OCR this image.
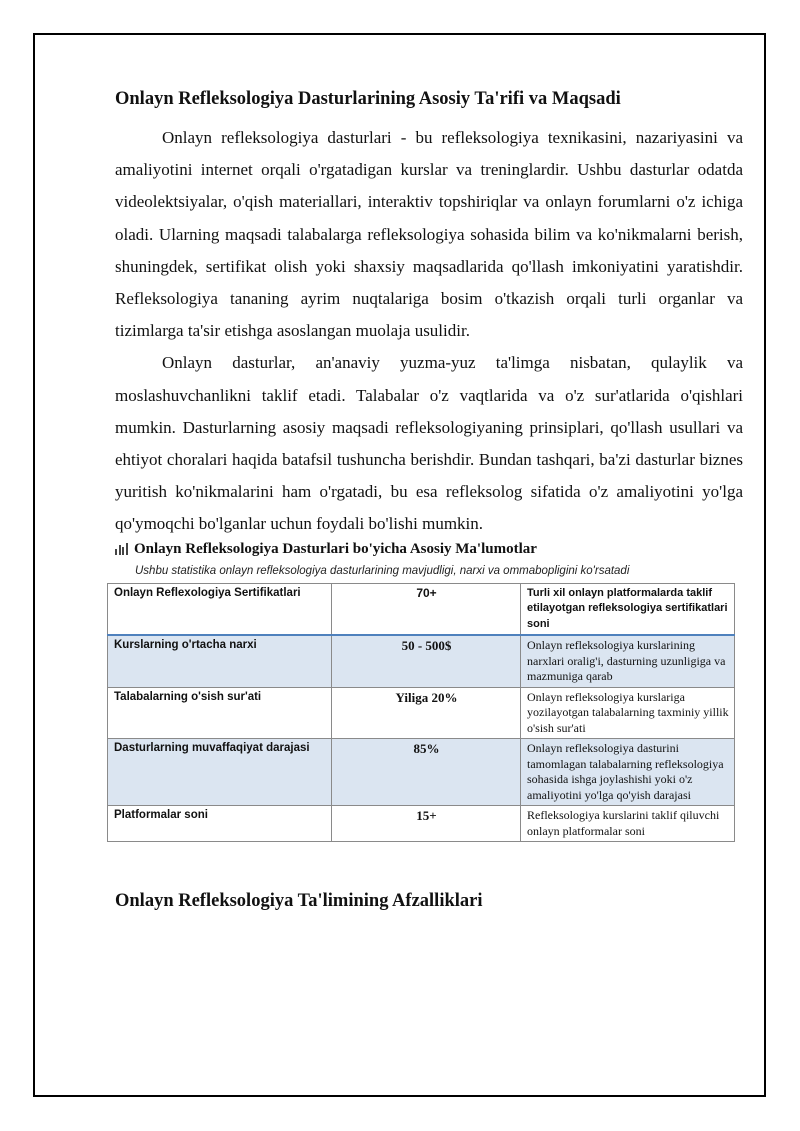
Onlayn Refleksologiya Dasturlarining Asosiy Ta'rifi va Maqsadi

Onlayn refleksologiya dasturlari - bu refleksologiya texnikasini, nazariyasini va amaliyotini internet orqali o'rgatadigan kurslar va treninglardir. Ushbu dasturlar odatda videolektsiyalar, o'qish materiallari, interaktiv topshiriqlar va onlayn forumlarni o'z ichiga oladi. Ularning maqsadi talabalarga refleksologiya sohasida bilim va ko'nikmalarni berish, shuningdek, sertifikat olish yoki shaxsiy maqsadlarida qo'llash imkoniyatini yaratishdir. Refleksologiya tananing ayrim nuqtalariga bosim o'tkazish orqali turli organlar va tizimlarga ta'sir etishga asoslangan muolaja usulidir.

Onlayn dasturlar, an'anaviy yuzma-yuz ta'limga nisbatan, qulaylik va moslashuvchanlikni taklif etadi. Talabalar o'z vaqtlarida va o'z sur'atlarida o'qishlari mumkin. Dasturlarning asosiy maqsadi refleksologiyaning prinsiplari, qo'llash usullari va ehtiyot choralari haqida batafsil tushuncha berishdir. Bundan tashqari, ba'zi dasturlar biznes yuritish ko'nikmalarini ham o'rgatadi, bu esa refleksolog sifatida o'z amaliyotini yo'lga qo'ymoqchi bo'lganlar uchun foydali bo'lishi mumkin.

Onlayn Refleksologiya Dasturlari bo'yicha Asosiy Ma'lumotlar
Ushbu statistika onlayn refleksologiya dasturlarining mavjudligi, narxi va ommabopligini ko'rsatadi
Onlayn Reflexologiya Sertifikatlari	70+	Turli xil onlayn platformalarda taklif etilayotgan refleksologiya sertifikatlari soni
Kurslarning o'rtacha narxi	50 - 500$	Onlayn refleksologiya kurslarining narxlari oralig'i, dasturning uzunligiga va mazmuniga qarab
Talabalarning o'sish sur'ati	Yiliga 20%	Onlayn refleksologiya kurslariga yozilayotgan talabalarning taxminiy yillik o'sish sur'ati
Dasturlarning muvaffaqiyat darajasi	85%	Onlayn refleksologiya dasturini tamomlagan talabalarning refleksologiya sohasida ishga joylashishi yoki o'z amaliyotini yo'lga qo'yish darajasi
Platformalar soni	15+	Refleksologiya kurslarini taklif qiluvchi onlayn platformalar soni
Onlayn Refleksologiya Ta'limining Afzalliklari
